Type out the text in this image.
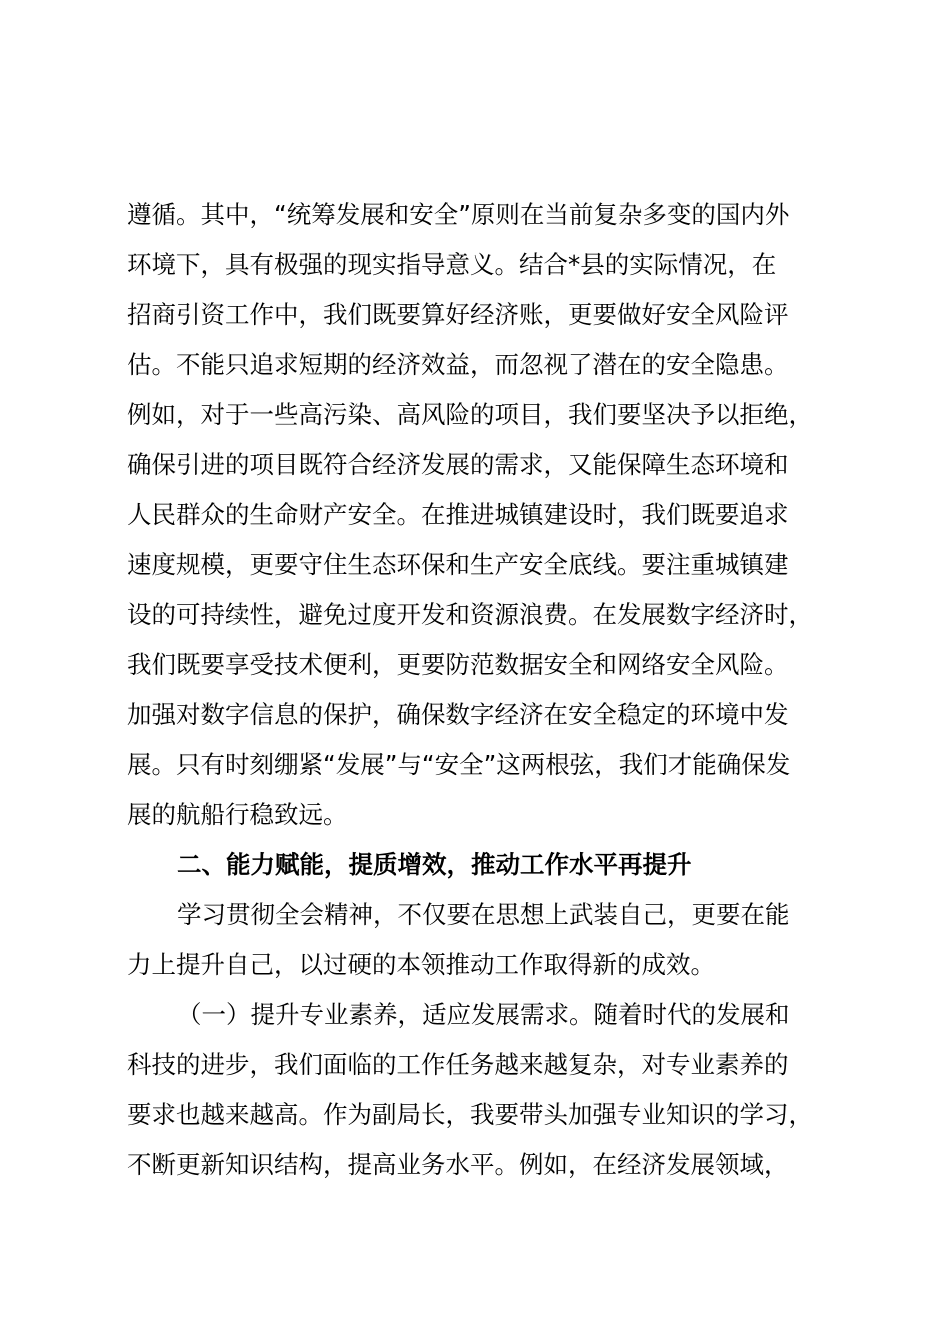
遵循。其中，“统筹发展和安全”原则在当前复杂多变的国内外
环境下，具有极强的现实指导意义。结合*县的实际情况，在
招商引资工作中，我们既要算好经济账，更要做好安全风险评
估。不能只追求短期的经济效益，而忽视了潜在的安全隐患。
例如，对于一些高污染、高风险的项目，我们要坚决予以拒绝，
确保引进的项目既符合经济发展的需求，又能保障生态环境和
人民群众的生命财产安全。在推进城镇建设时，我们既要追求
速度规模，更要守住生态环保和生产安全底线。要注重城镇建
设的可持续性，避免过度开发和资源浪费。在发展数字经济时，
我们既要享受技术便利，更要防范数据安全和网络安全风险。
加强对数字信息的保护，确保数字经济在安全稳定的环境中发
展。只有时刻绷紧“发展”与“安全”这两根弦，我们才能确保发
展的航船行稳致远。
二、能力赋能，提质增效，推动工作水平再提升
学习贯彻全会精神，不仅要在思想上武装自己，更要在能
力上提升自己，以过硬的本领推动工作取得新的成效。
（一）提升专业素养，适应发展需求。随着时代的发展和
科技的进步，我们面临的工作任务越来越复杂，对专业素养的
要求也越来越高。作为副局长，我要带头加强专业知识的学习，
不断更新知识结构，提高业务水平。例如，在经济发展领域，
